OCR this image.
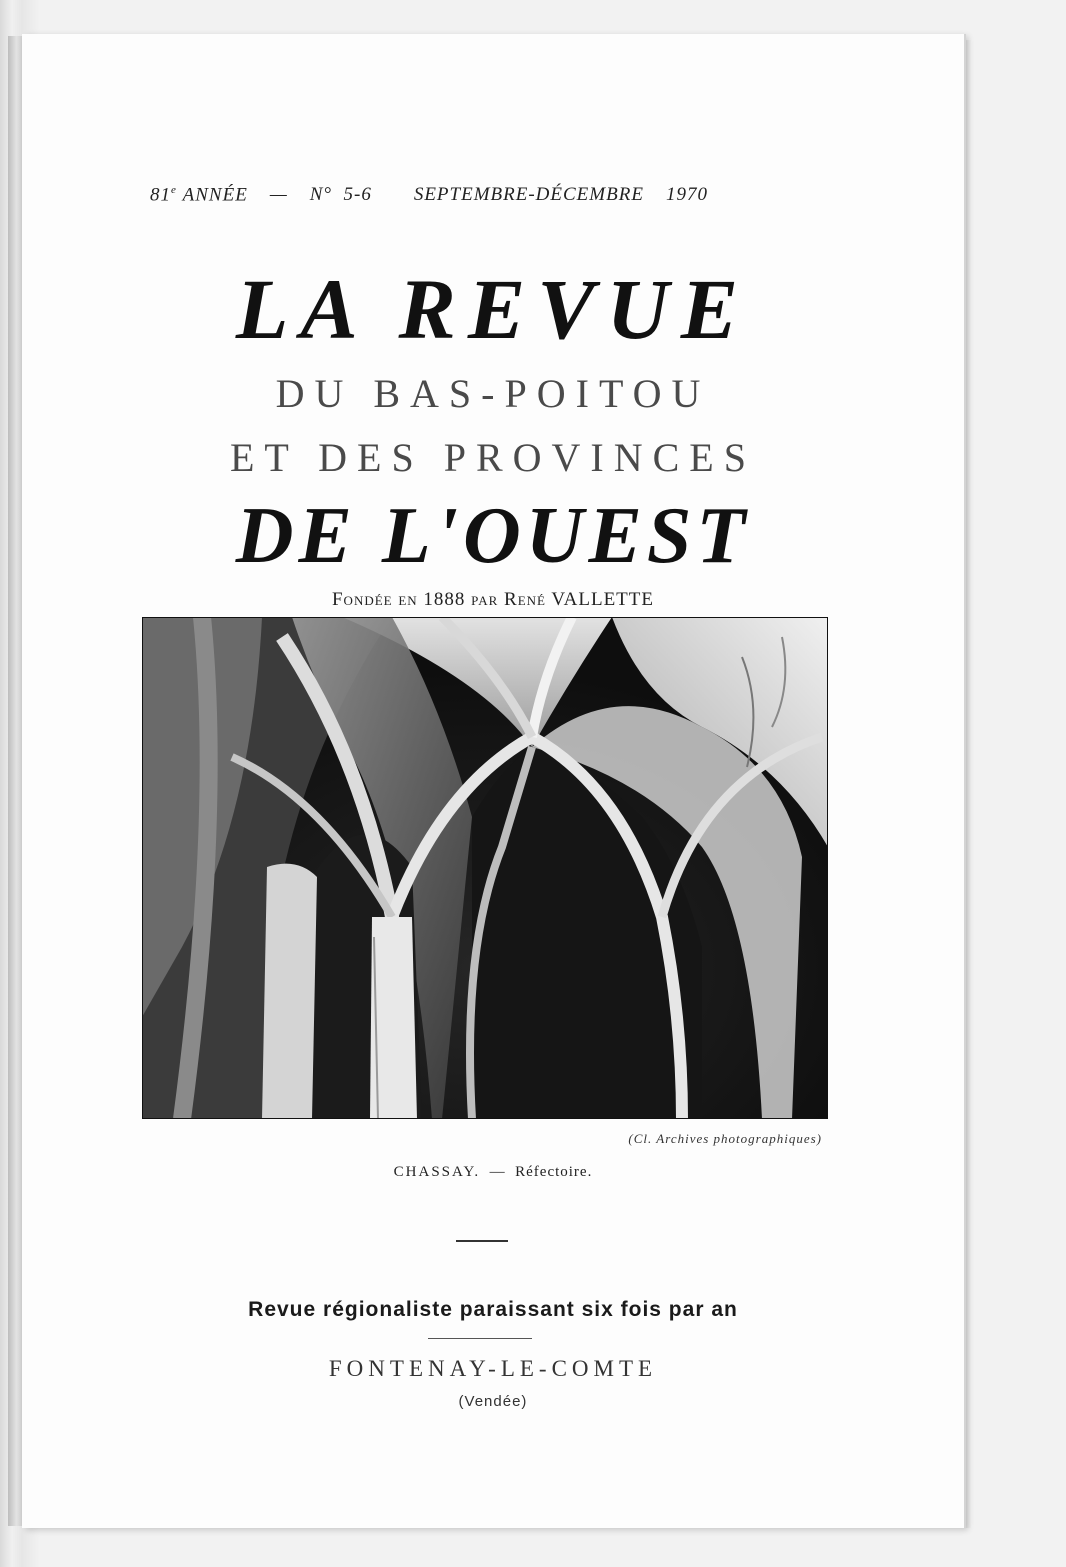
81e ANNÉE — N° 5-6 SEPTEMBRE-DÉCEMBRE 1970
LA REVUE
DU BAS-POITOU
ET DES PROVINCES
DE L'OUEST
Fondée en 1888 par René VALLETTE
(Cl. Archives photographiques)
CHASSAY. — Réfectoire.
Revue régionaliste paraissant six fois par an
FONTENAY-LE-COMTE
(Vendée)
